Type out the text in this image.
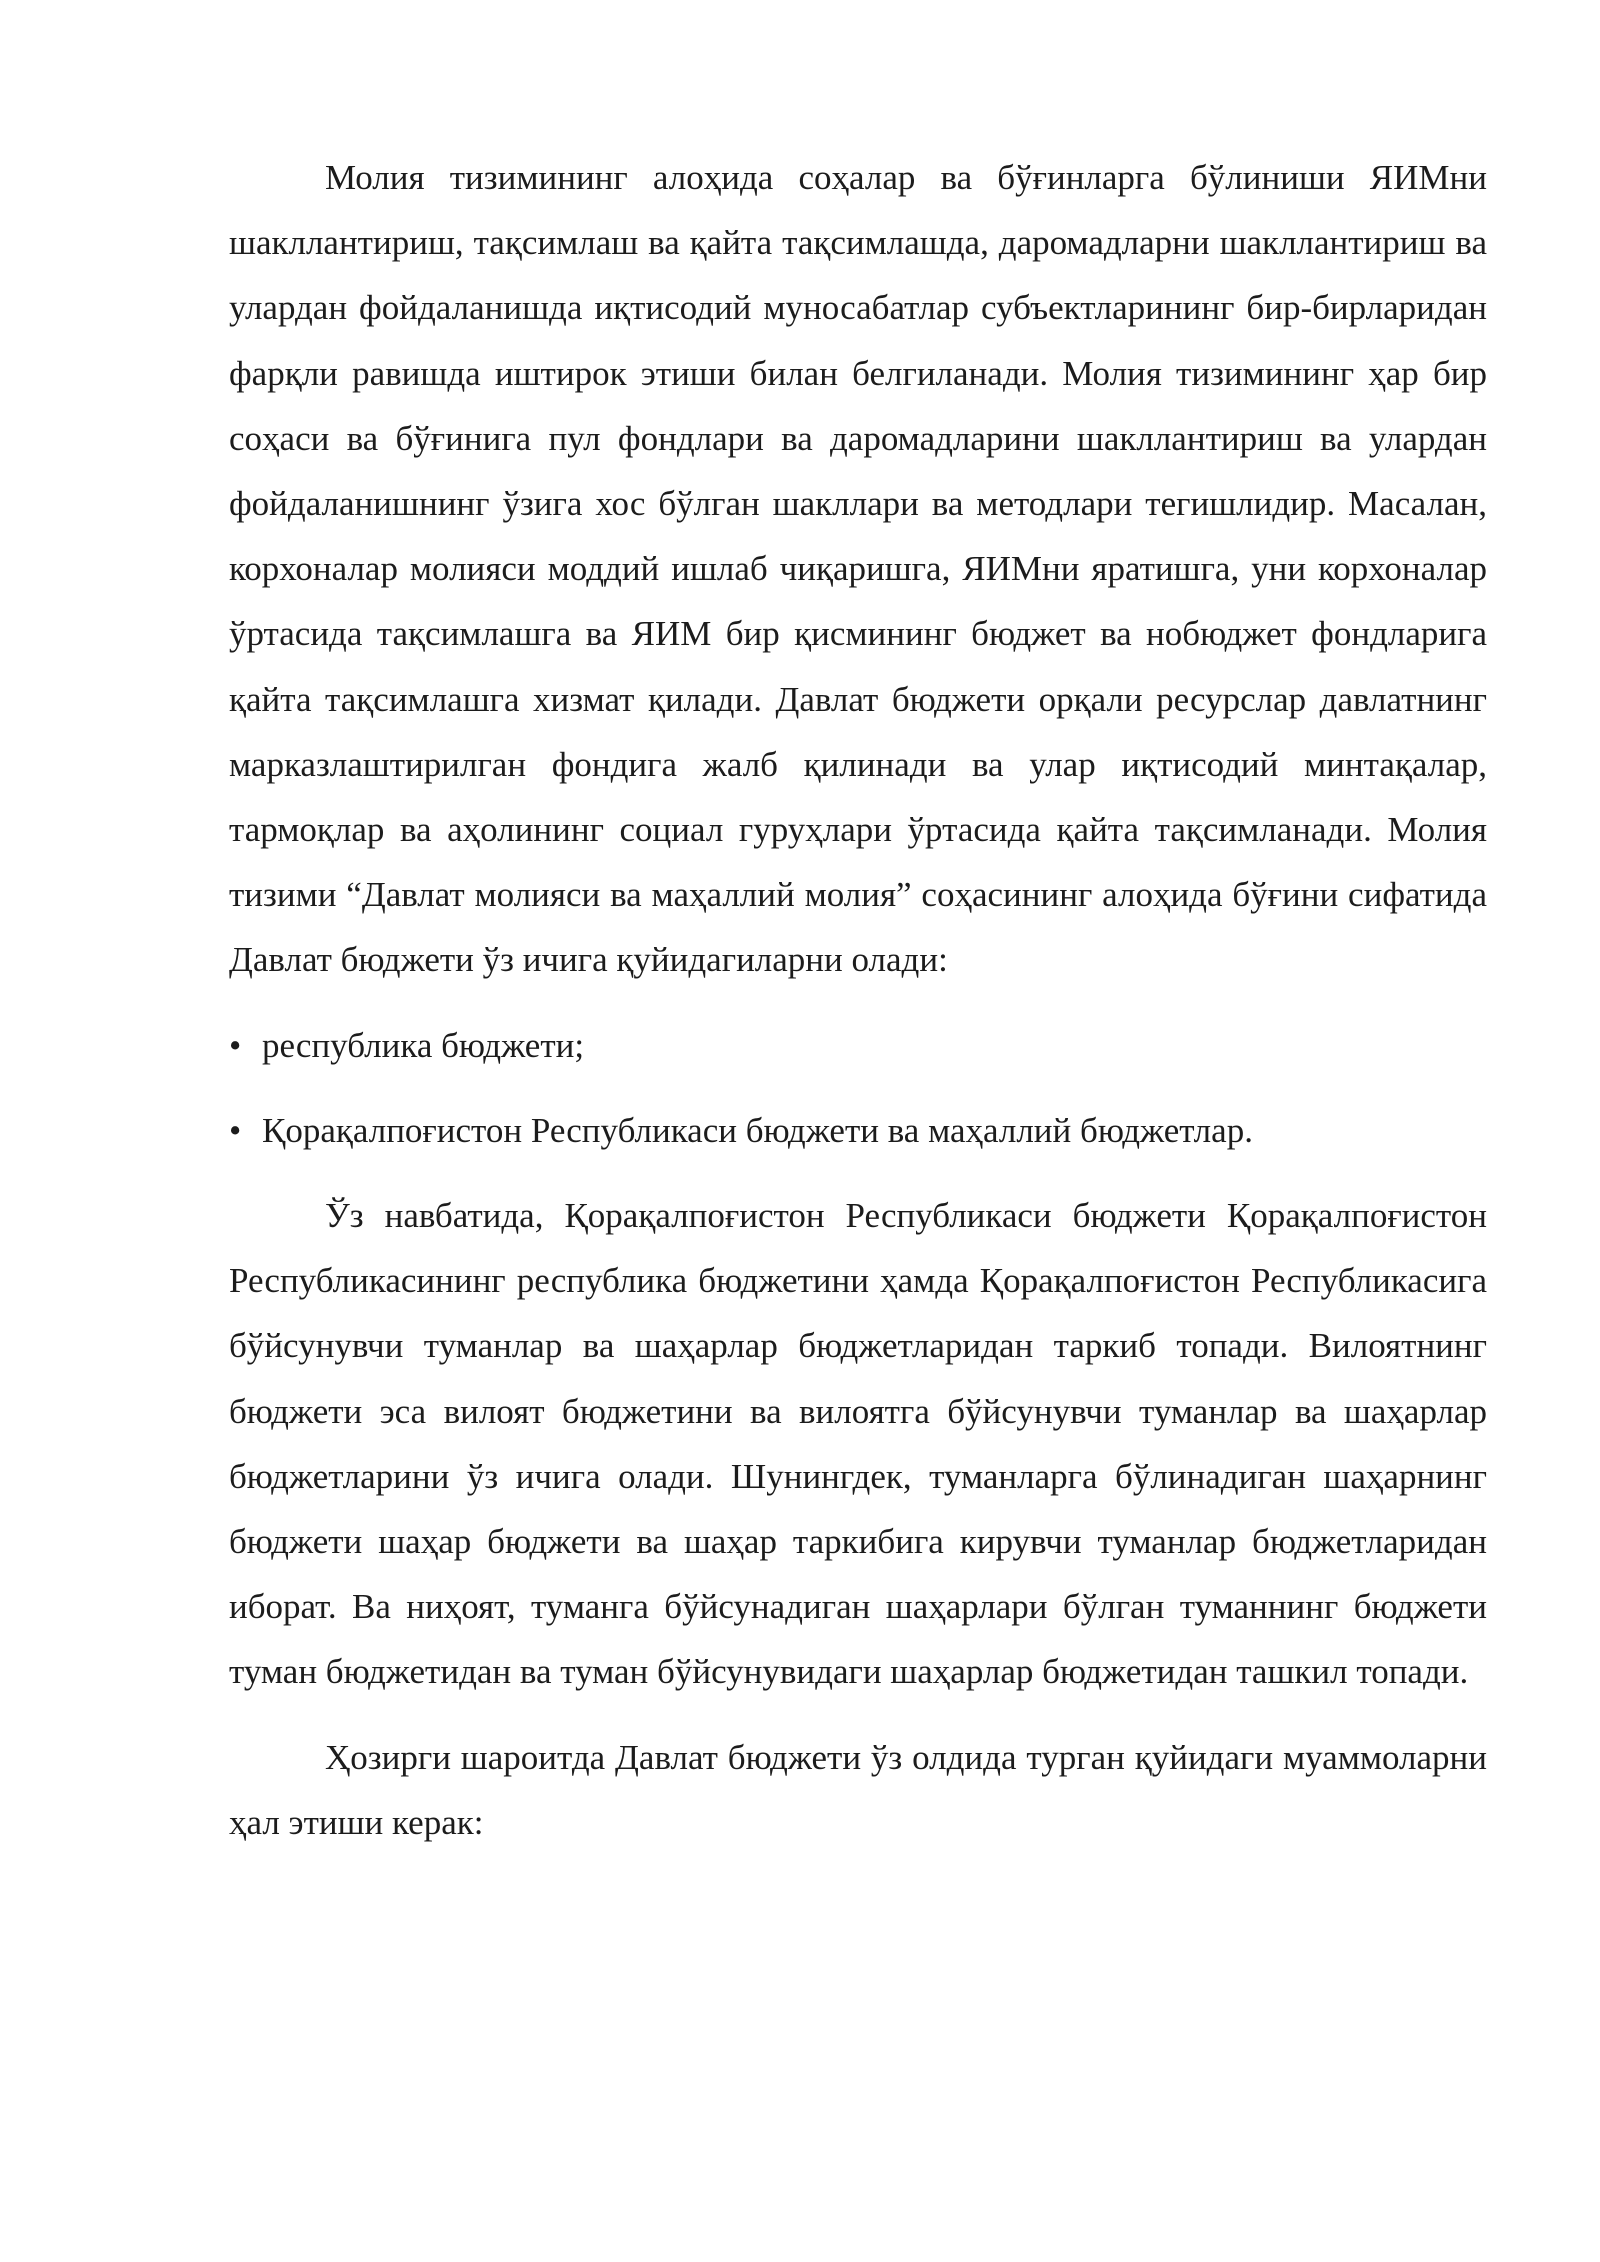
Молия тизимининг алоҳида соҳалар ва бўғинларга бўлиниши ЯИМни шакллантириш, тақсимлаш ва қайта тақсимлашда, даромадларни шакллантириш ва улардан фойдаланишда иқтисодий муносабатлар субъектларининг бир-бирларидан фарқли равишда иштирок этиши билан белгиланади. Молия тизимининг ҳар бир соҳаси ва бўғинига пул фондлари ва даромадларини шакллантириш ва улардан фойдаланишнинг ўзига хос бўлган шакллари ва методлари тегишлидир. Масалан, корхоналар молияси моддий ишлаб чиқаришга, ЯИМни яратишга, уни корхоналар ўртасида тақсимлашга ва ЯИМ бир қисмининг бюджет ва нобюджет фондларига қайта тақсимлашга хизмат қилади. Давлат бюджети орқали ресурслар давлатнинг марказлаштирилган фондига жалб қилинади ва улар иқтисодий минтақалар, тармоқлар ва аҳолининг социал гуруҳлари ўртасида қайта тақсимланади. Молия тизими “Давлат молияси ва маҳаллий молия” соҳасининг алоҳида бўғини сифатида Давлат бюджети ўз ичига қуйидагиларни олади:

• республика бюджети;
• Қорақалпоғистон Республикаси бюджети ва маҳаллий бюджетлар.

Ўз навбатида, Қорақалпоғистон Республикаси бюджети Қорақалпоғистон Республикасининг республика бюджетини ҳамда Қорақалпоғистон Республикасига бўйсунувчи туманлар ва шаҳарлар бюджетларидан таркиб топади. Вилоятнинг бюджети эса вилоят бюджетини ва вилоятга бўйсунувчи туманлар ва шаҳарлар бюджетларини ўз ичига олади. Шунингдек, туманларга бўлинадиган шаҳарнинг бюджети шаҳар бюджети ва шаҳар таркибига кирувчи туманлар бюджетларидан иборат. Ва ниҳоят, туманга бўйсунадиган шаҳарлари бўлган туманнинг бюджети туман бюджетидан ва туман бўйсунувидаги шаҳарлар бюджетидан ташкил топади.

Ҳозирги шароитда Давлат бюджети ўз олдида турган қуйидаги муаммоларни ҳал этиши керак:
